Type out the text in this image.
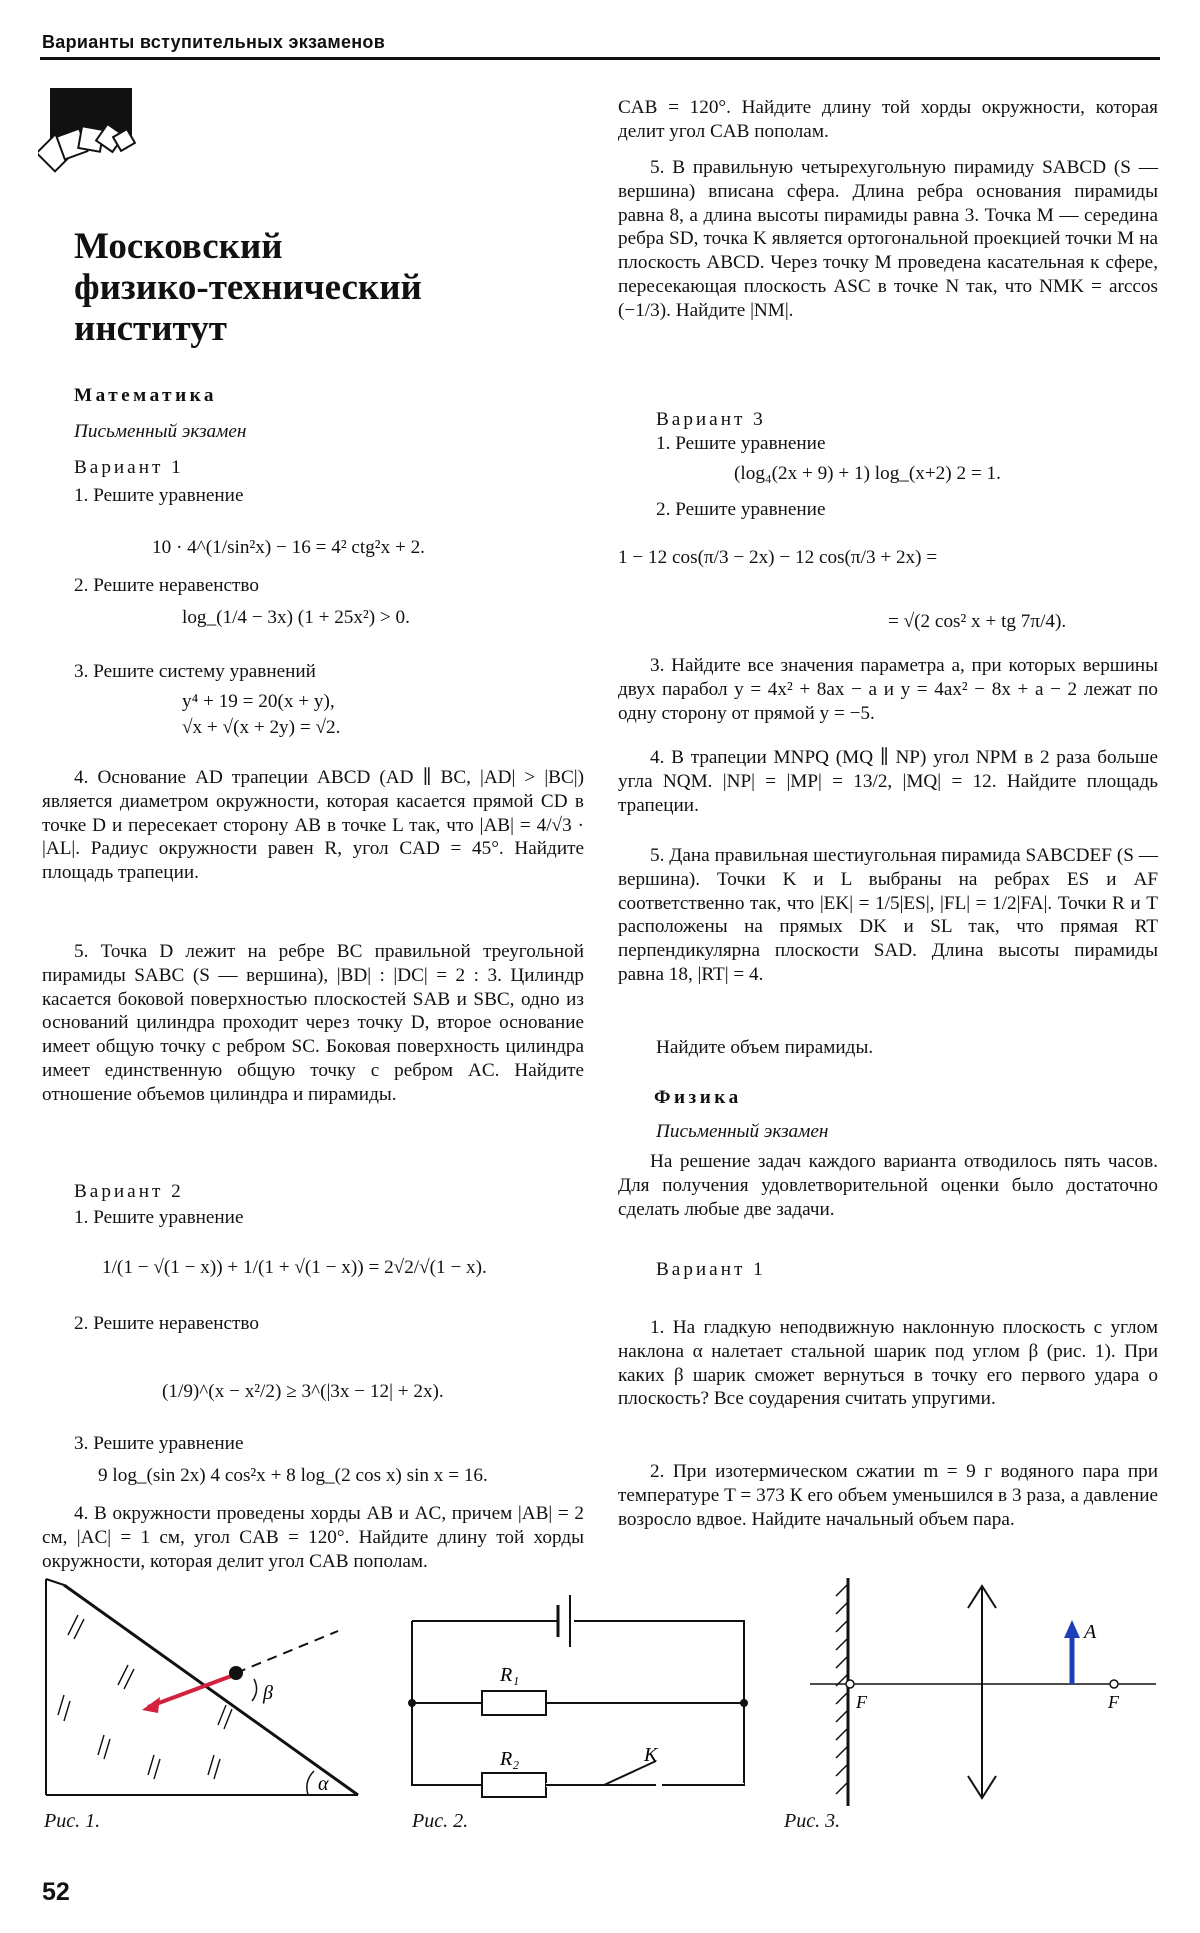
Варианты вступительных экзаменов
Московский
физико-технический
институт
Математика
Письменный экзамен
Вариант 1
1. Решите уравнение
10 · 4^(1/sin²x) − 16 = 4² ctg²x + 2.
2. Решите неравенство
log_(1/4 − 3x) (1 + 25x²) > 0.
3. Решите систему уравнений
y⁴ + 19 = 20(x + y),
√x + √(x + 2y) = √2.
4. Основание AD трапеции ABCD (AD ∥ BC, |AD| > |BC|) является диаметром окружности, которая касается прямой CD в точке D и пересекает сторону AB в точке L так, что |AB| = 4/√3 · |AL|. Радиус окружности равен R, угол CAD = 45°. Найдите площадь трапеции.
5. Точка D лежит на ребре BC правильной треугольной пирамиды SABC (S — вершина), |BD| : |DC| = 2 : 3. Цилиндр касается боковой поверхностью плоскостей SAB и SBC, одно из оснований цилиндра проходит через точку D, второе основание имеет общую точку с ребром SC. Боковая поверхность цилиндра имеет единственную общую точку с ребром AC. Найдите отношение объемов цилиндра и пирамиды.
Вариант 2
1. Решите уравнение
1/(1 − √(1 − x)) + 1/(1 + √(1 − x)) = 2√2/√(1 − x).
2. Решите неравенство
(1/9)^(x − x²/2) ≥ 3^(|3x − 12| + 2x).
3. Решите уравнение
9 log_(sin 2x) 4 cos²x + 8 log_(2 cos x) sin x = 16.
4. В окружности проведены хорды AB и AC, причем |AB| = 2 см, |AC| = 1 см, угол CAB = 120°. Найдите длину той хорды окружности, которая делит угол CAB пополам.
CAB = 120°. Найдите длину той хорды окружности, которая делит угол CAB пополам.
5. В правильную четырехугольную пирамиду SABCD (S — вершина) вписана сфера. Длина ребра основания пирамиды равна 8, а длина высоты пирамиды равна 3. Точка M — середина ребра SD, точка K является ортогональной проекцией точки M на плоскость ABCD. Через точку M проведена касательная к сфере, пересекающая плоскость ASC в точке N так, что NMK = arccos (−1/3). Найдите |NM|.
Вариант 3
1. Решите уравнение
(log₄(2x + 9) + 1) log_(x+2) 2 = 1.
2. Решите уравнение
1 − 12 cos(π/3 − 2x) − 12 cos(π/3 + 2x) =
= √(2 cos² x + tg 7π/4).
3. Найдите все значения параметра a, при которых вершины двух парабол y = 4x² + 8ax − a и y = 4ax² − 8x + a − 2 лежат по одну сторону от прямой y = −5.
4. В трапеции MNPQ (MQ ∥ NP) угол NPM в 2 раза больше угла NQM. |NP| = |MP| = 13/2, |MQ| = 12. Найдите площадь трапеции.
5. Дана правильная шестиугольная пирамида SABCDEF (S — вершина). Точки K и L выбраны на ребрах ES и AF соответственно так, что |EK| = 1/5|ES|, |FL| = 1/2|FA|. Точки R и T расположены на прямых DK и SL так, что прямая RT перпендикулярна плоскости SAD. Длина высоты пирамиды равна 18, |RT| = 4.
Найдите объем пирамиды.
Физика
Письменный экзамен
На решение задач каждого варианта отводилось пять часов. Для получения удовлетворительной оценки было достаточно сделать любые две задачи.
Вариант 1
1. На гладкую неподвижную наклонную плоскость с углом наклона α налетает стальной шарик под углом β (рис. 1). При каких β шарик сможет вернуться в точку его первого удара о плоскость? Все соударения считать упругими.
2. При изотермическом сжатии m = 9 г водяного пара при температуре T = 373 К его объем уменьшился в 3 раза, а давление возросло вдвое. Найдите начальный объем пара.
β
α
Рис. 1.
R₁
R₂	K
Рис. 2.
A
F	F
Рис. 3.
52
